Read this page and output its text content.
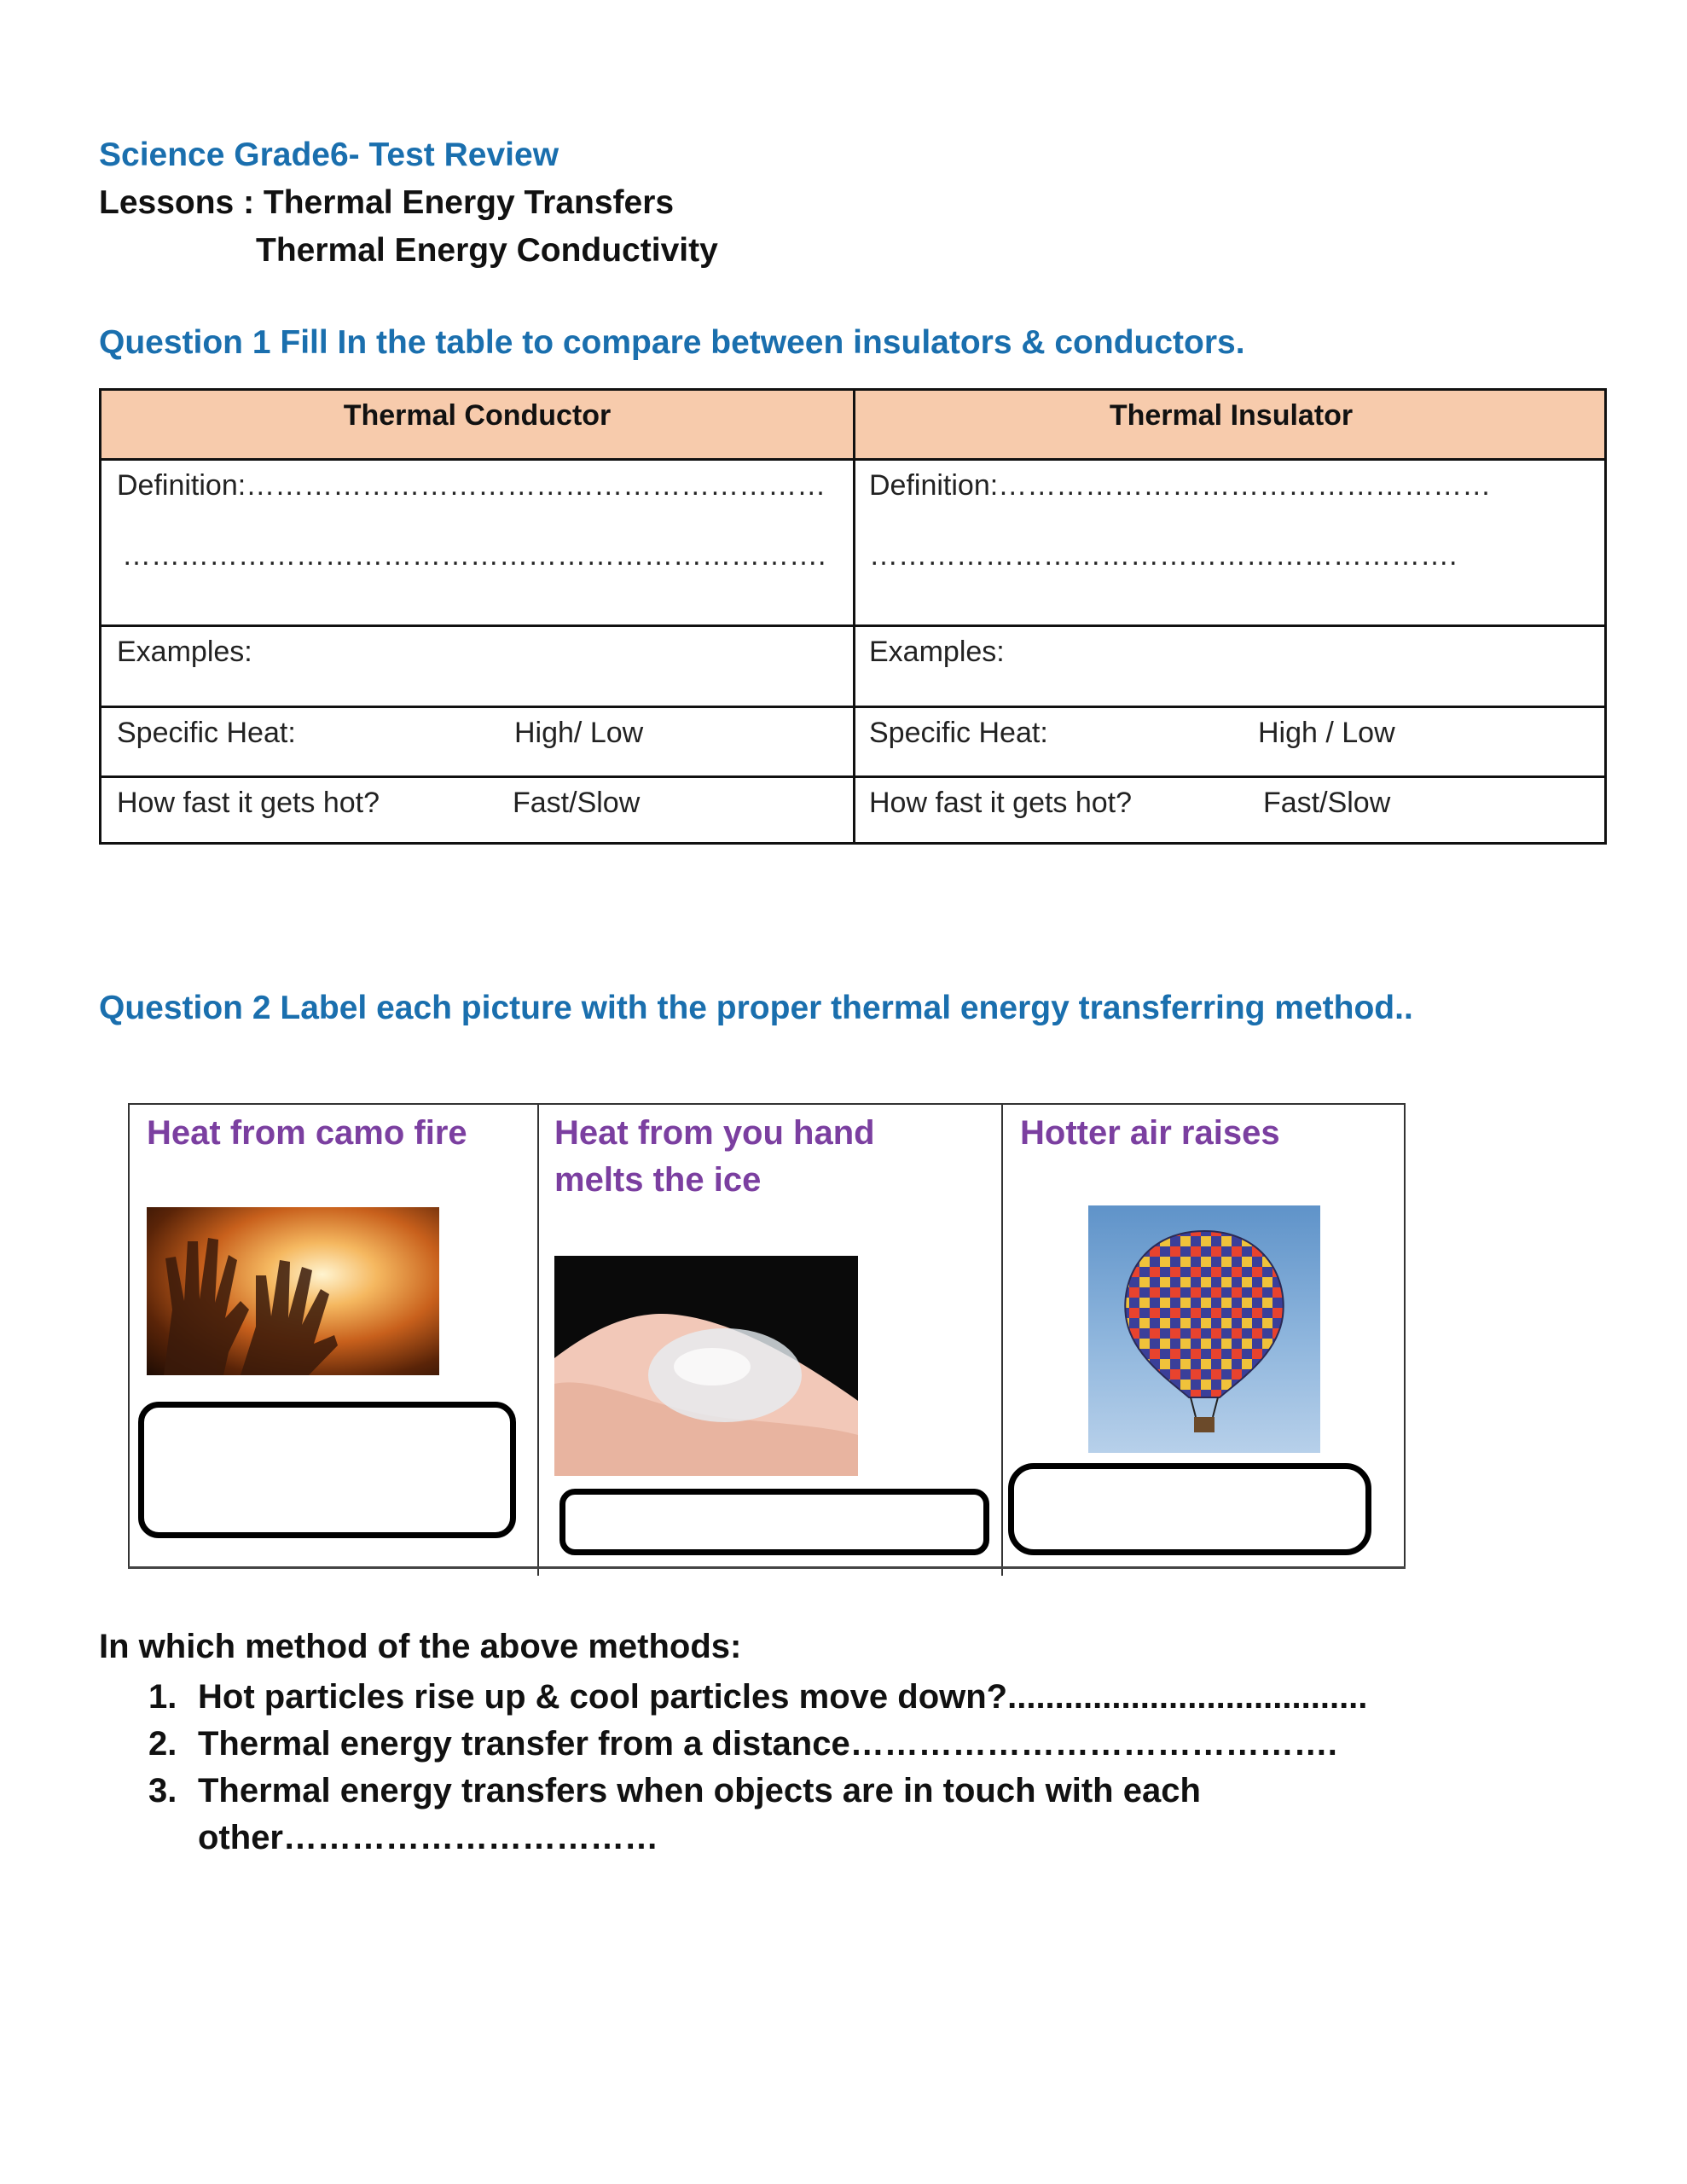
Science Grade6- Test Review
Lessons : Thermal Energy Transfers
Thermal Energy Conductivity
Question 1 Fill In the table to compare between insulators & conductors.
Thermal Conductor	Thermal Insulator
Definition:……………………………………………………
……………………………………………………………….
Definition:……………………………………………
…………………………………………………….
Examples:	Examples:
Specific Heat:	High/ Low	Specific Heat:	High / Low
How fast it gets hot?	Fast/Slow	How fast it gets hot?	Fast/Slow
Question 2 Label each picture with the proper thermal energy transferring method..
Heat from camo fire	Heat from you hand
melts the ice
Hotter air raises
In which method of the above methods:
1. Hot particles rise up & cool particles move down?......................................
2. Thermal energy transfer from a distance…………………………………….
3. Thermal energy transfers when objects are in touch with each
other……………………………
